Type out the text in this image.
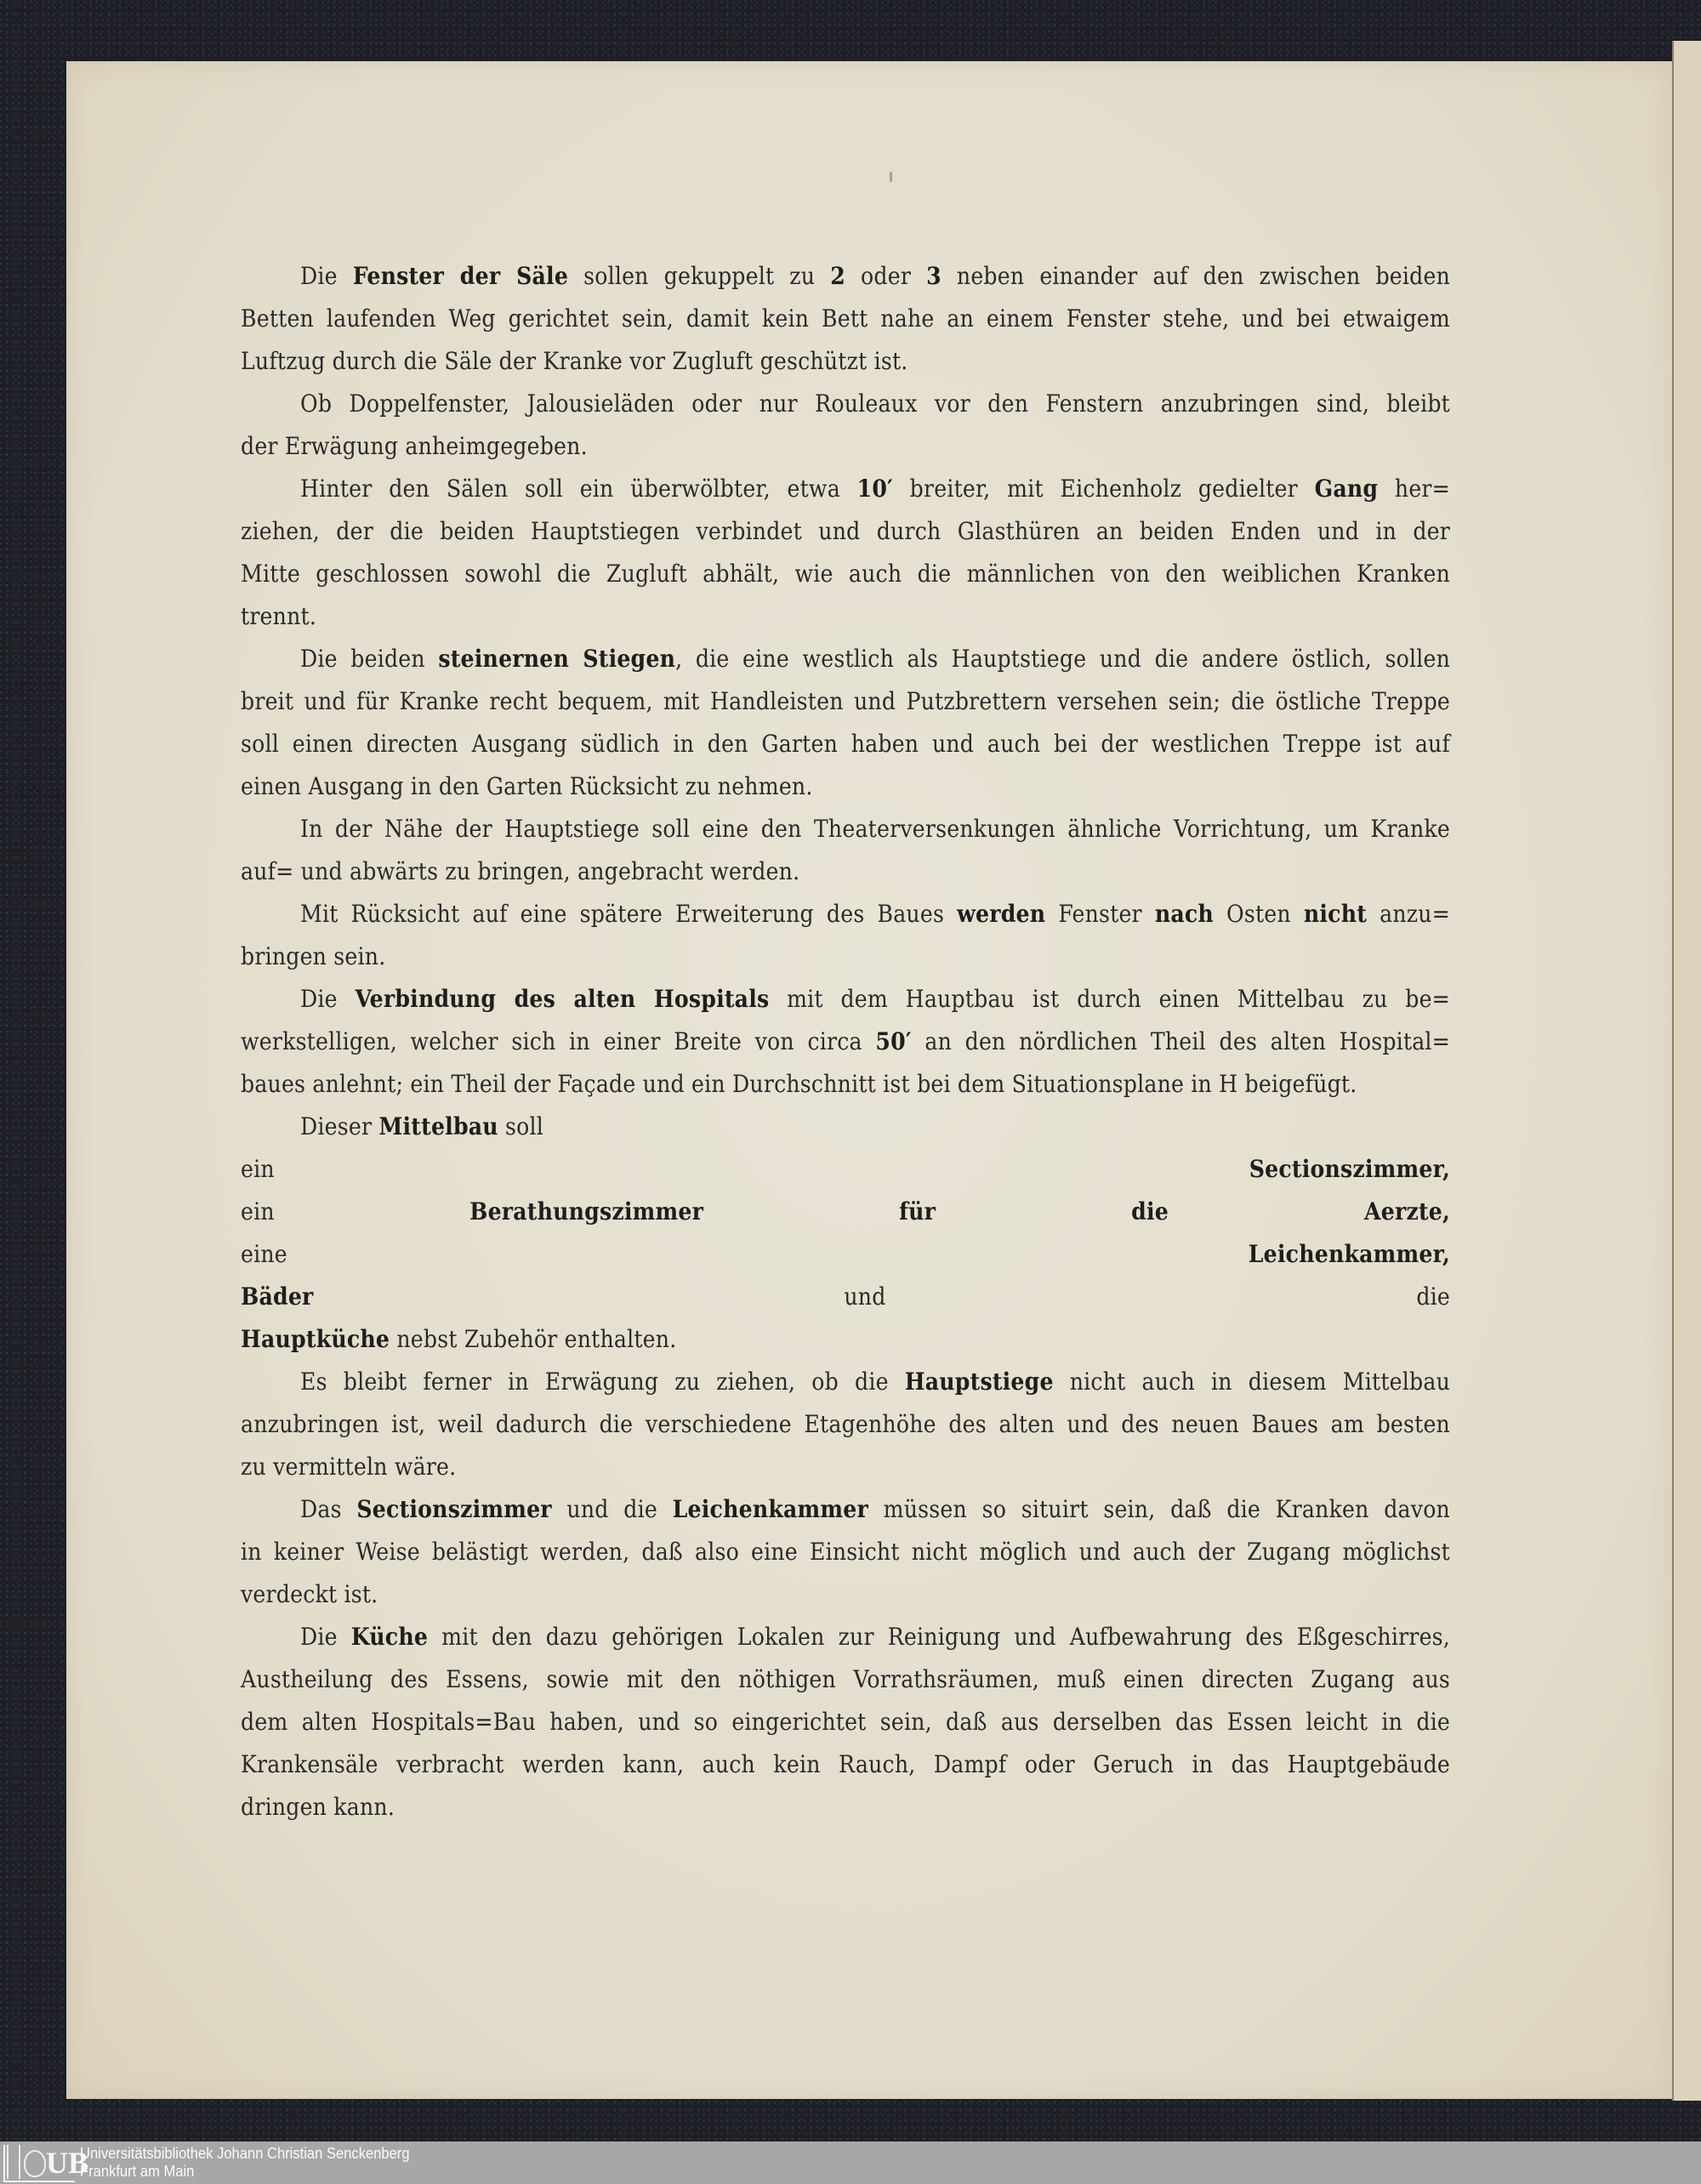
Die Fenster der Säle sollen gekuppelt zu 2 oder 3 neben einander auf den zwischen beiden
Betten laufenden Weg gerichtet sein, damit kein Bett nahe an einem Fenster stehe, und bei etwaigem
Luftzug durch die Säle der Kranke vor Zugluft geschützt ist.
Ob Doppelfenster, Jalousieläden oder nur Rouleaux vor den Fenstern anzubringen sind, bleibt
der Erwägung anheimgegeben.
Hinter den Sälen soll ein überwölbter, etwa 10′ breiter, mit Eichenholz gedielter Gang her=
ziehen, der die beiden Hauptstiegen verbindet und durch Glasthüren an beiden Enden und in der
Mitte geschlossen sowohl die Zugluft abhält, wie auch die männlichen von den weiblichen Kranken
trennt.
Die beiden steinernen Stiegen, die eine westlich als Hauptstiege und die andere östlich, sollen
breit und für Kranke recht bequem, mit Handleisten und Putzbrettern versehen sein; die östliche Treppe
soll einen directen Ausgang südlich in den Garten haben und auch bei der westlichen Treppe ist auf
einen Ausgang in den Garten Rücksicht zu nehmen.
In der Nähe der Hauptstiege soll eine den Theaterversenkungen ähnliche Vorrichtung, um Kranke
auf= und abwärts zu bringen, angebracht werden.
Mit Rücksicht auf eine spätere Erweiterung des Baues werden Fenster nach Osten nicht anzu=
bringen sein.
Die Verbindung des alten Hospitals mit dem Hauptbau ist durch einen Mittelbau zu be=
werkstelligen, welcher sich in einer Breite von circa 50′ an den nördlichen Theil des alten Hospital=
baues anlehnt; ein Theil der Façade und ein Durchschnitt ist bei dem Situationsplane in H beigefügt.
Dieser Mittelbau soll
ein Sectionszimmer,
ein Berathungszimmer für die Aerzte,
eine Leichenkammer,
Bäder und die
Hauptküche nebst Zubehör enthalten.
Es bleibt ferner in Erwägung zu ziehen, ob die Hauptstiege nicht auch in diesem Mittelbau
anzubringen ist, weil dadurch die verschiedene Etagenhöhe des alten und des neuen Baues am besten
zu vermitteln wäre.
Das Sectionszimmer und die Leichenkammer müssen so situirt sein, daß die Kranken davon
in keiner Weise belästigt werden, daß also eine Einsicht nicht möglich und auch der Zugang möglichst
verdeckt ist.
Die Küche mit den dazu gehörigen Lokalen zur Reinigung und Aufbewahrung des Eßgeschirres,
Austheilung des Essens, sowie mit den nöthigen Vorrathsräumen, muß einen directen Zugang aus
dem alten Hospitals=Bau haben, und so eingerichtet sein, daß aus derselben das Essen leicht in die
Krankensäle verbracht werden kann, auch kein Rauch, Dampf oder Geruch in das Hauptgebäude
dringen kann.
UB
Universitätsbibliothek Johann Christian Senckenberg
Frankfurt am Main
